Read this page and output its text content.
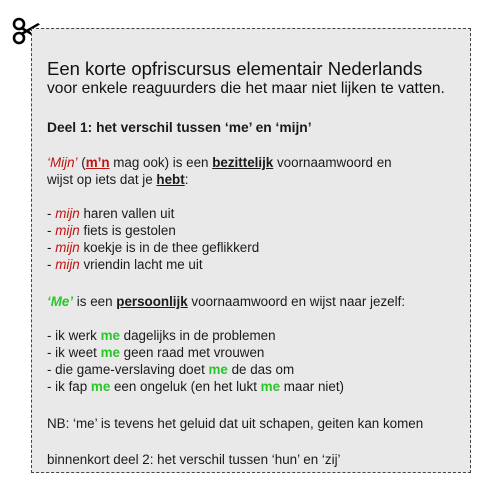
Een korte opfriscursus elementair Nederlands
voor enkele reaguurders die het maar niet lijken te vatten.
Deel 1: het verschil tussen ‘me’ en ‘mijn’
‘Mijn’ (m’n mag ook) is een bezittelijk voornaamwoord en
wijst op iets dat je hebt:
- mijn haren vallen uit
- mijn fiets is gestolen
- mijn koekje is in de thee geflikkerd
- mijn vriendin lacht me uit
‘Me’ is een persoonlijk voornaamwoord en wijst naar jezelf:
- ik werk me dagelijks in de problemen
- ik weet me geen raad met vrouwen
- die game-verslaving doet me de das om
- ik fap me een ongeluk (en het lukt me maar niet)
NB: ‘me’ is tevens het geluid dat uit schapen, geiten kan komen
binnenkort deel 2: het verschil tussen ‘hun’ en ‘zij’
